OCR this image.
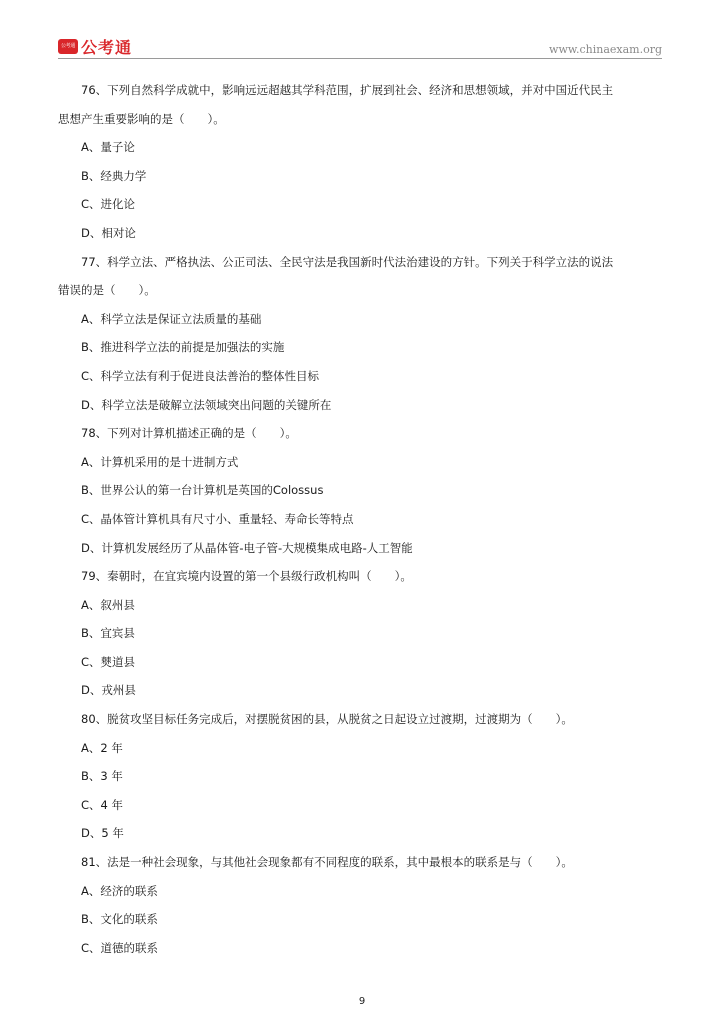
公考通 公考通	www.chinaexam.org
76、下列自然科学成就中，影响远远超越其学科范围，扩展到社会、经济和思想领域，并对中国近代民主
思想产生重要影响的是（　　）。
A、量子论
B、经典力学
C、进化论
D、相对论
77、科学立法、严格执法、公正司法、全民守法是我国新时代法治建设的方针。下列关于科学立法的说法
错误的是（　　）。
A、科学立法是保证立法质量的基础
B、推进科学立法的前提是加强法的实施
C、科学立法有利于促进良法善治的整体性目标
D、科学立法是破解立法领域突出问题的关键所在
78、下列对计算机描述正确的是（　　）。
A、计算机采用的是十进制方式
B、世界公认的第一台计算机是英国的Colossus
C、晶体管计算机具有尺寸小、重量轻、寿命长等特点
D、计算机发展经历了从晶体管-电子管-大规模集成电路-人工智能
79、秦朝时，在宜宾境内设置的第一个县级行政机构叫（　　）。
A、叙州县
B、宜宾县
C、僰道县
D、戎州县
80、脱贫攻坚目标任务完成后，对摆脱贫困的县，从脱贫之日起设立过渡期，过渡期为（　　）。
A、2 年
B、3 年
C、4 年
D、5 年
81、法是一种社会现象，与其他社会现象都有不同程度的联系，其中最根本的联系是与（　　）。
A、经济的联系
B、文化的联系
C、道德的联系
9
